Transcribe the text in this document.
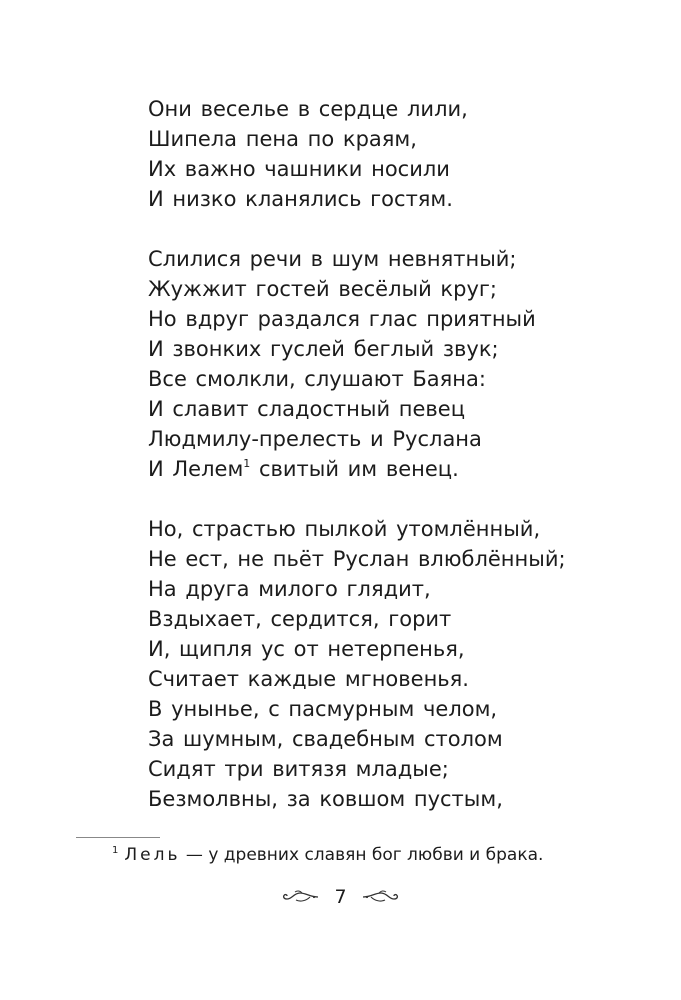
Они веселье в сердце лили,
Шипела пена по краям,
Их важно чашники носили
И низко кланялись гостям.
Слилися речи в шум невнятный;
Жужжит гостей весёлый круг;
Но вдруг раздался глас приятный
И звонких гуслей беглый звук;
Все смолкли, слушают Баяна:
И славит сладостный певец
Людмилу-прелесть и Руслана
И Лелем$^1$ свитый им венец.
Но, страстью пылкой утомлённый,
Не ест, не пьёт Руслан влюблённый;
На друга милого глядит,
Вздыхает, сердится, горит
И, щипля ус от нетерпенья,
Считает каждые мгновенья.
В унынье, с пасмурным челом,
За шумным, свадебным столом
Сидят три витязя младые;
Безмолвны, за ковшом пустым,
$^1$ Лель — у древних славян бог любви и брака.
7
